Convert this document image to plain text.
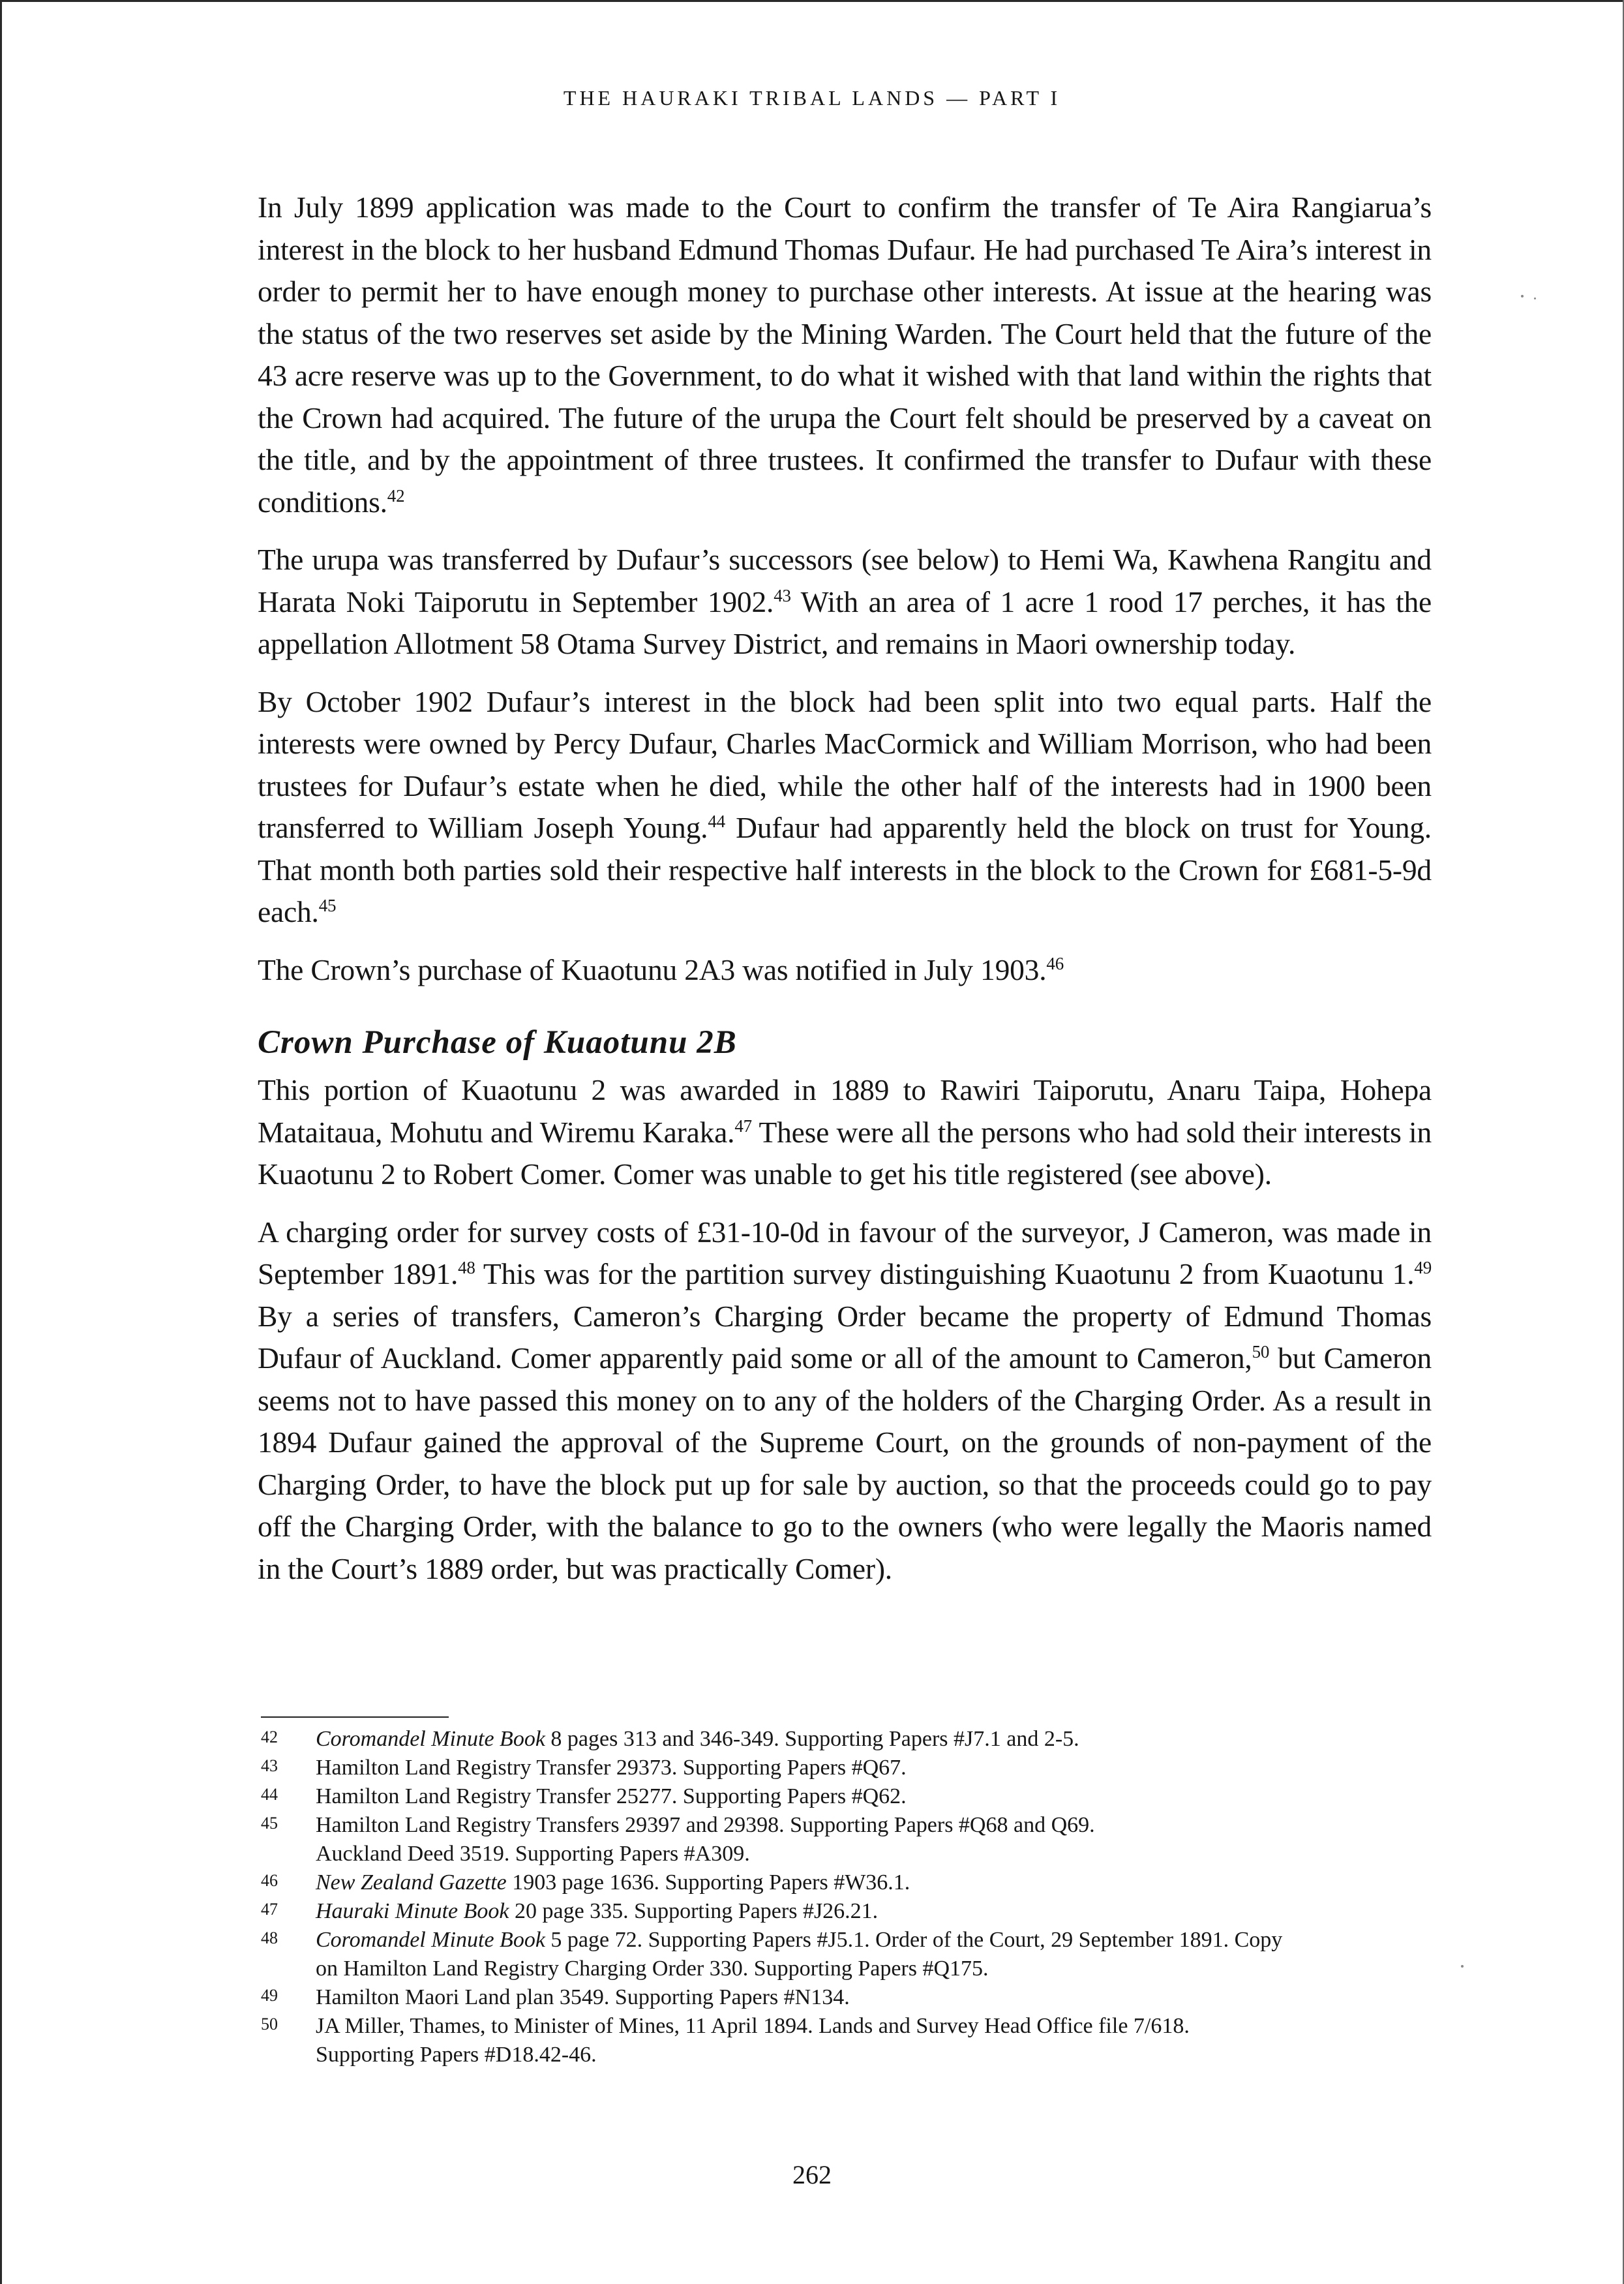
THE HAURAKI TRIBAL LANDS — PART I

In July 1899 application was made to the Court to confirm the transfer of Te Aira Rangiarua’s interest in the block to her husband Edmund Thomas Dufaur. He had purchased Te Aira’s interest in order to permit her to have enough money to purchase other interests. At issue at the hearing was the status of the two reserves set aside by the Mining Warden. The Court held that the future of the 43 acre reserve was up to the Government, to do what it wished with that land within the rights that the Crown had acquired. The future of the urupa the Court felt should be preserved by a caveat on the title, and by the appointment of three trustees. It confirmed the transfer to Dufaur with these conditions.$^{42}$

The urupa was transferred by Dufaur’s successors (see below) to Hemi Wa, Kawhena Rangitu and Harata Noki Taiporutu in September 1902.43 With an area of 1 acre 1 rood 17 perches, it has the appellation Allotment 58 Otama Survey District, and remains in Maori ownership today.

By October 1902 Dufaur’s interest in the block had been split into two equal parts. Half the interests were owned by Percy Dufaur, Charles MacCormick and William Morrison, who had been trustees for Dufaur’s estate when he died, while the other half of the interests had in 1900 been transferred to William Joseph Young.$^{44}$ Dufaur had apparently held the block on trust for Young. That month both parties sold their respective half interests in the block to the Crown for £681-5-9d each.$^{45}$

The Crown’s purchase of Kuaotunu 2A3 was notified in July 1903.46

Crown Purchase of Kuaotunu 2B

This portion of Kuaotunu 2 was awarded in 1889 to Rawiri Taiporutu, Anaru Taipa, Hohepa Mataitaua, Mohutu and Wiremu Karaka.$^{47}$ These were all the persons who had sold their interests in Kuaotunu 2 to Robert Comer. Comer was unable to get his title registered (see above).

A charging order for survey costs of £31-10-0d in favour of the surveyor, J Cameron, was made in September 1891.48 This was for the partition survey distinguishing Kuaotunu 2 from Kuaotunu 1.49 By a series of transfers, Cameron’s Charging Order became the property of Edmund Thomas Dufaur of Auckland. Comer apparently paid some or all of the amount to Cameron,$^{50}$ but Cameron seems not to have passed this money on to any of the holders of the Charging Order. As a result in 1894 Dufaur gained the approval of the Supreme Court, on the grounds of non-payment of the Charging Order, to have the block put up for sale by auction, so that the proceeds could go to pay off the Charging Order, with the balance to go to the owners (who were legally the Maoris named in the Court’s 1889 order, but was practically Comer).

42	Coromandel Minute Book 8 pages 313 and 346-349. Supporting Papers #J7.1 and 2-5.
43	Hamilton Land Registry Transfer 29373. Supporting Papers #Q67.
44	Hamilton Land Registry Transfer 25277. Supporting Papers #Q62.
45	Hamilton Land Registry Transfers 29397 and 29398. Supporting Papers #Q68 and Q69.
Auckland Deed 3519. Supporting Papers #A309.
46	New Zealand Gazette 1903 page 1636. Supporting Papers #W36.1.
47	Hauraki Minute Book 20 page 335. Supporting Papers #J26.21.
48	Coromandel Minute Book 5 page 72. Supporting Papers #J5.1. Order of the Court, 29 September 1891. Copy
on Hamilton Land Registry Charging Order 330. Supporting Papers #Q175.
49	Hamilton Maori Land plan 3549. Supporting Papers #N134.
50	JA Miller, Thames, to Minister of Mines, 11 April 1894. Lands and Survey Head Office file 7/618.
Supporting Papers #D18.42-46.
262
